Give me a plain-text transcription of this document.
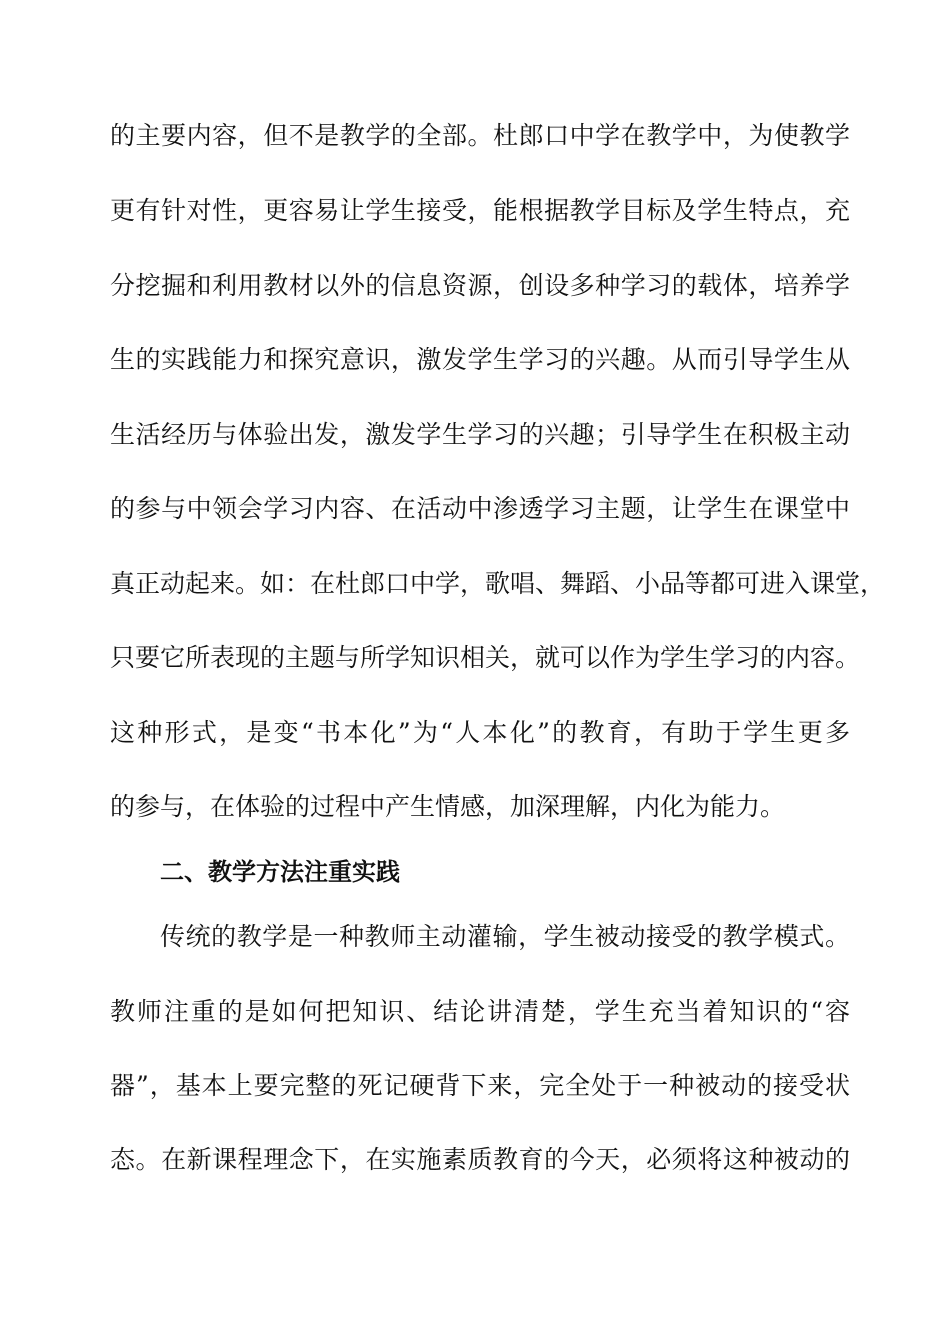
的主要内容，但不是教学的全部。杜郎口中学在教学中，为使教学
更有针对性，更容易让学生接受，能根据教学目标及学生特点，充
分挖掘和利用教材以外的信息资源，创设多种学习的载体，培养学
生的实践能力和探究意识，激发学生学习的兴趣。从而引导学生从
生活经历与体验出发，激发学生学习的兴趣；引导学生在积极主动
的参与中领会学习内容、在活动中渗透学习主题，让学生在课堂中
真正动起来。如：在杜郎口中学，歌唱、舞蹈、小品等都可进入课堂，
只要它所表现的主题与所学知识相关，就可以作为学生学习的内容。
这种形式，是变“书本化”为“人本化”的教育，有助于学生更多
的参与，在体验的过程中产生情感，加深理解，内化为能力。
二、教学方法注重实践
传统的教学是一种教师主动灌输，学生被动接受的教学模式。
教师注重的是如何把知识、结论讲清楚，学生充当着知识的“容
器”，基本上要完整的死记硬背下来，完全处于一种被动的接受状
态。在新课程理念下，在实施素质教育的今天，必须将这种被动的
